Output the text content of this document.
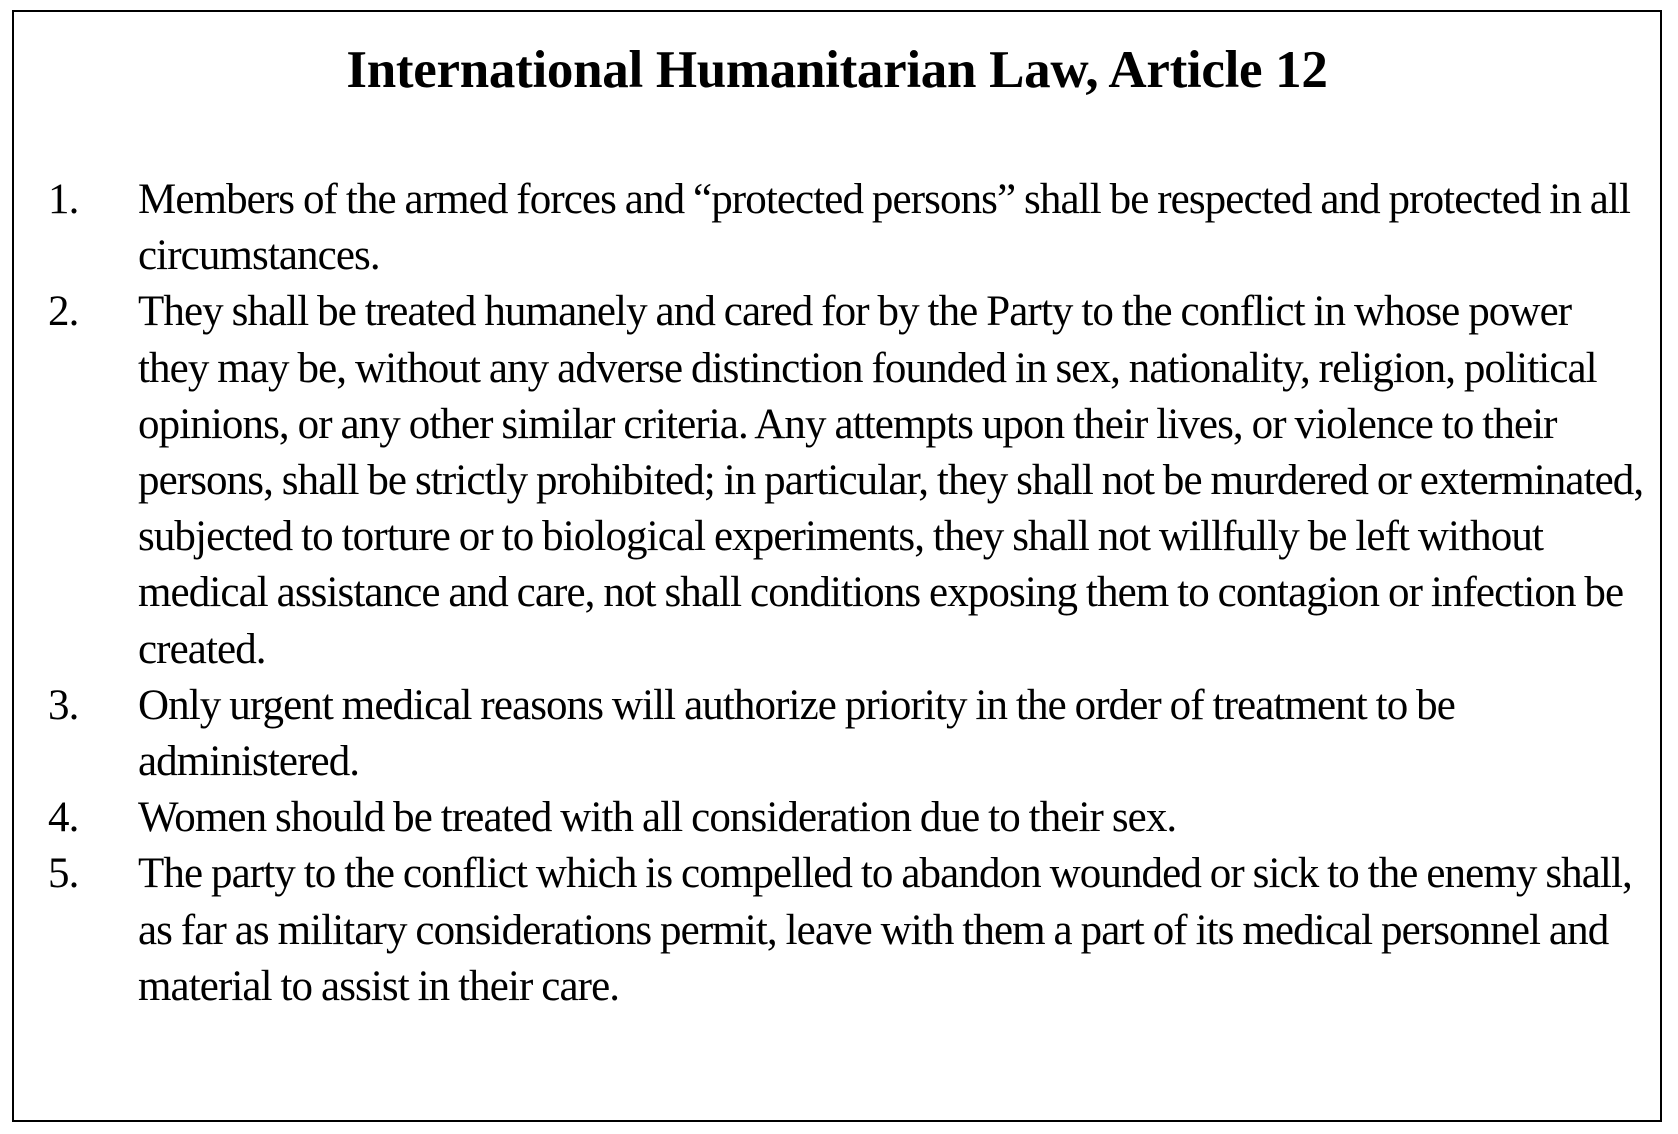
International Humanitarian Law, Article 12
1. Members of the armed forces and “protected persons” shall be respected and protected in all circumstances.
2. They shall be treated humanely and cared for by the Party to the conflict in whose power they may be, without any adverse distinction founded in sex, nationality, religion, political opinions, or any other similar criteria. Any attempts upon their lives, or violence to their persons, shall be strictly prohibited; in particular, they shall not be murdered or exterminated, subjected to torture or to biological experiments, they shall not willfully be left without medical assistance and care, not shall conditions exposing them to contagion or infection be created.
3. Only urgent medical reasons will authorize priority in the order of treatment to be administered.
4. Women should be treated with all consideration due to their sex.
5. The party to the conflict which is compelled to abandon wounded or sick to the enemy shall, as far as military considerations permit, leave with them a part of its medical personnel and material to assist in their care.
